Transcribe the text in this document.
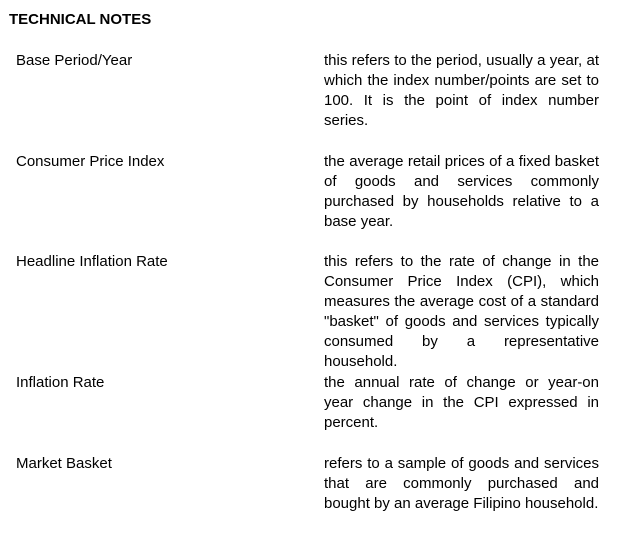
TECHNICAL NOTES
Base Period/Year	this refers to the period, usually a year, at which the index number/points are set to 100. It is the point of index number series.
Consumer Price Index	the average retail prices of a fixed basket of goods and services commonly purchased by households relative to a base year.
Headline Inflation Rate	this refers to the rate of change in the Consumer Price Index (CPI), which measures the average cost of a standard "basket" of goods and services typically consumed by a representative household.
Inflation Rate	the annual rate of change or year-on year change in the CPI expressed in percent.
Market Basket	refers to a sample of goods and services that are commonly purchased and bought by an average Filipino household.
